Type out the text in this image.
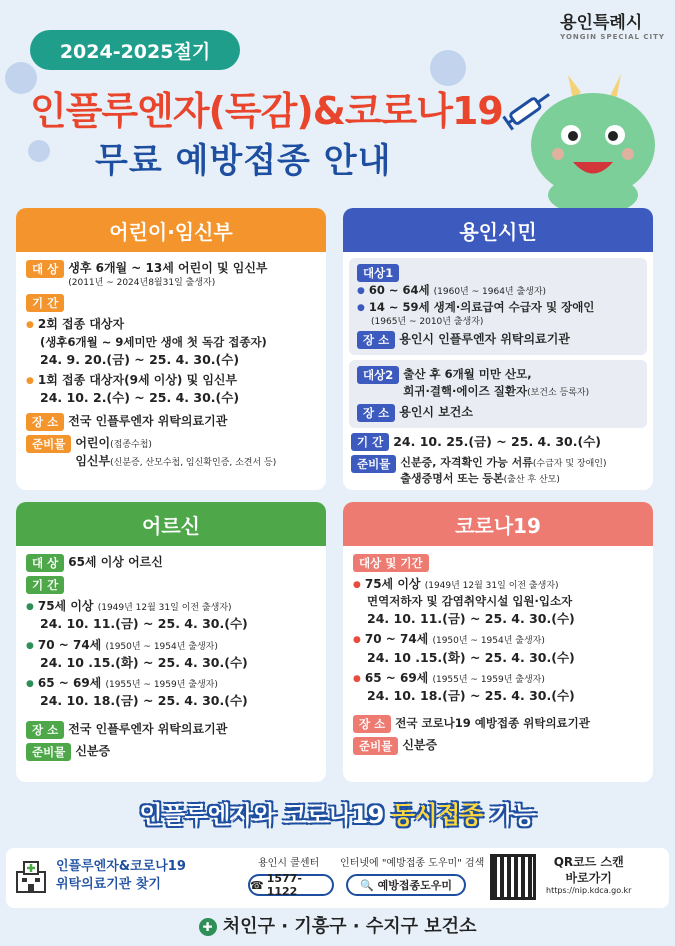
용인특례시
YONGIN SPECIAL CITY
2024-2025절기
인플루엔자(독감)&코로나19
무료 예방접종 안내
어린이·임신부
대 상 생후 6개월 ~ 13세 어린이 및 임신부
(2011년 ~ 2024년8월31일 출생자)
기 간
● 2회 접종 대상자
(생후6개월 ~ 9세미만 생애 첫 독감 접종자)
24. 9. 20.(금) ~ 25. 4. 30.(수)
● 1회 접종 대상자(9세 이상) 및 임신부
24. 10. 2.(수) ~ 25. 4. 30.(수)
장 소 전국 인플루엔자 위탁의료기관
준비물 어린이(접종수첩)
임신부(신분증, 산모수첩, 임신확인증, 소견서 등)
용인시민
대상1
● 60 ~ 64세 (1960년 ~ 1964년 출생자)
● 14 ~ 59세 생계·의료급여 수급자 및 장애인
(1965년 ~ 2010년 출생자)
장 소 용인시 인플루엔자 위탁의료기관
대상2 출산 후 6개월 미만 산모,
희귀·결핵·에이즈 질환자(보건소 등록자)
장 소 용인시 보건소
기 간 24. 10. 25.(금) ~ 25. 4. 30.(수)
준비물 신분증, 자격확인 가능 서류(수급자 및 장애인)
출생증명서 또는 등본(출산 후 산모)
어르신
대 상 65세 이상 어르신
기 간
● 75세 이상 (1949년 12월 31일 이전 출생자)
24. 10. 11.(금) ~ 25. 4. 30.(수)
● 70 ~ 74세 (1950년 ~ 1954년 출생자)
24. 10 .15.(화) ~ 25. 4. 30.(수)
● 65 ~ 69세 (1955년 ~ 1959년 출생자)
24. 10. 18.(금) ~ 25. 4. 30.(수)
장 소 전국 인플루엔자 위탁의료기관
준비물 신분증
코로나19
대상 및 기간
● 75세 이상 (1949년 12월 31일 이전 출생자)
면역저하자 및 감염취약시설 입원·입소자
24. 10. 11.(금) ~ 25. 4. 30.(수)
● 70 ~ 74세 (1950년 ~ 1954년 출생자)
24. 10 .15.(화) ~ 25. 4. 30.(수)
● 65 ~ 69세 (1955년 ~ 1959년 출생자)
24. 10. 18.(금) ~ 25. 4. 30.(수)
장 소 전국 코로나19 예방접종 위탁의료기관
준비물 신분증
인플루엔자와 코로나19 동시접종 가능
인플루엔자&코로나19
위탁의료기관 찾기
용인시 콜센터
☎ 1577-1122
인터넷에 "예방접종 도우미" 검색
🔍 예방접종도우미
QR코드 스캔
바로가기
https://nip.kdca.go.kr
✚ 처인구 · 기흥구 · 수지구 보건소
